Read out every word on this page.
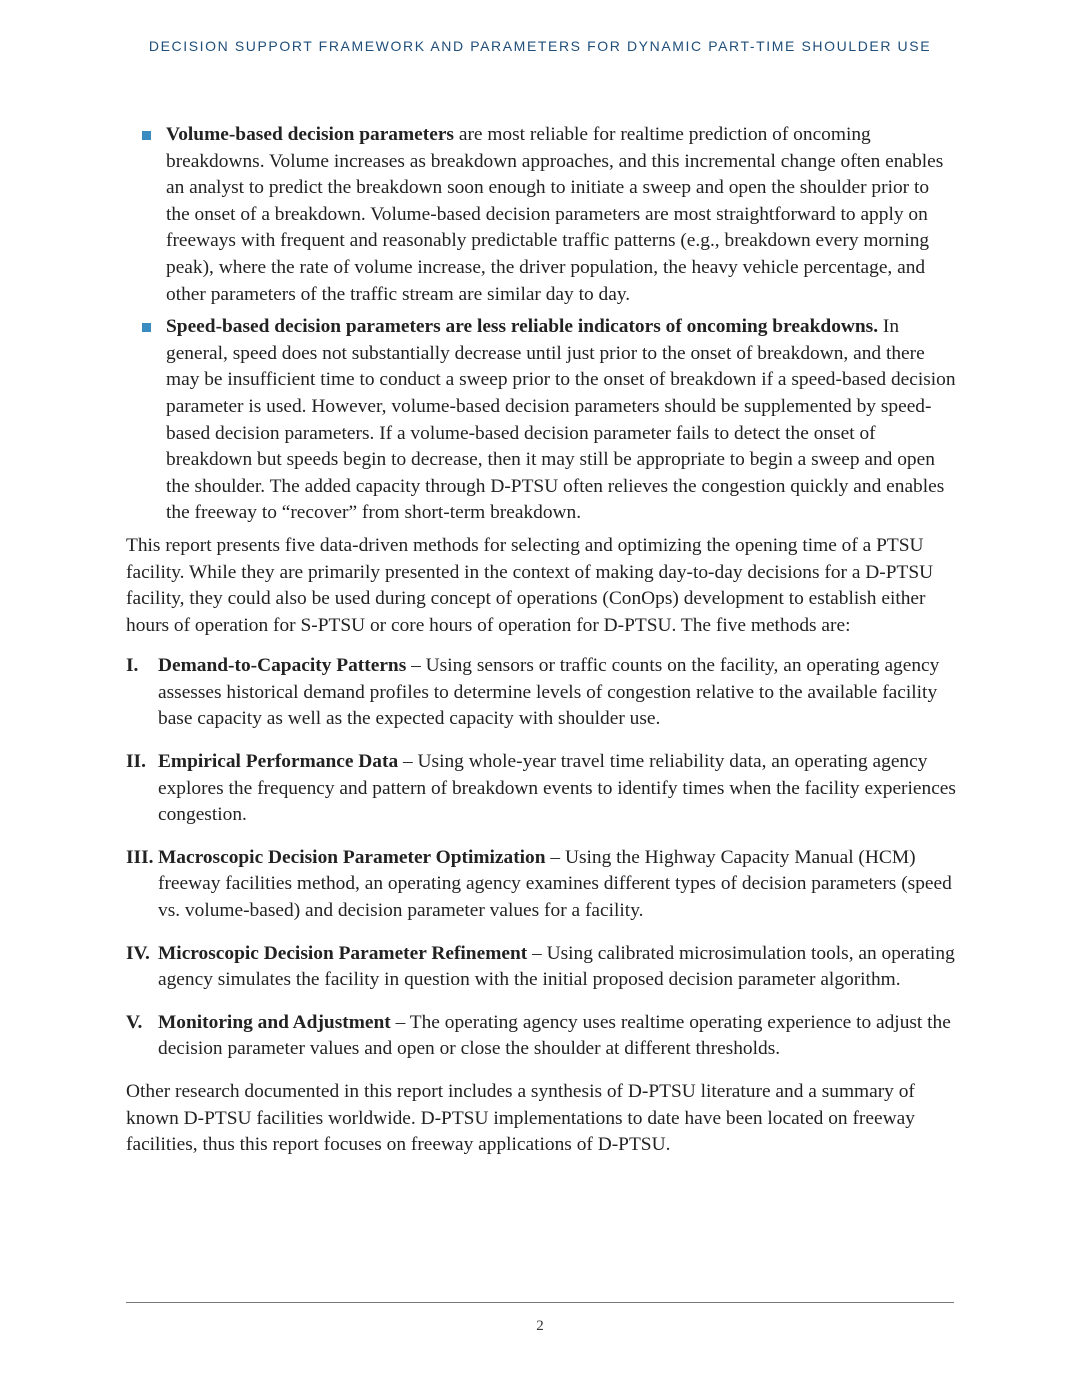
DECISION SUPPORT FRAMEWORK AND PARAMETERS FOR DYNAMIC PART-TIME SHOULDER USE
Volume-based decision parameters are most reliable for realtime prediction of oncoming breakdowns. Volume increases as breakdown approaches, and this incremental change often enables an analyst to predict the breakdown soon enough to initiate a sweep and open the shoulder prior to the onset of a breakdown. Volume-based decision parameters are most straightforward to apply on freeways with frequent and reasonably predictable traffic patterns (e.g., breakdown every morning peak), where the rate of volume increase, the driver population, the heavy vehicle percentage, and other parameters of the traffic stream are similar day to day.
Speed-based decision parameters are less reliable indicators of oncoming breakdowns. In general, speed does not substantially decrease until just prior to the onset of breakdown, and there may be insufficient time to conduct a sweep prior to the onset of breakdown if a speed-based decision parameter is used. However, volume-based decision parameters should be supplemented by speed-based decision parameters. If a volume-based decision parameter fails to detect the onset of breakdown but speeds begin to decrease, then it may still be appropriate to begin a sweep and open the shoulder. The added capacity through D-PTSU often relieves the congestion quickly and enables the freeway to “recover” from short-term breakdown.

This report presents five data-driven methods for selecting and optimizing the opening time of a PTSU facility. While they are primarily presented in the context of making day-to-day decisions for a D-PTSU facility, they could also be used during concept of operations (ConOps) development to establish either hours of operation for S-PTSU or core hours of operation for D-PTSU. The five methods are:

I. Demand-to-Capacity Patterns – Using sensors or traffic counts on the facility, an operating agency assesses historical demand profiles to determine levels of congestion relative to the available facility base capacity as well as the expected capacity with shoulder use.
II. Empirical Performance Data – Using whole-year travel time reliability data, an operating agency explores the frequency and pattern of breakdown events to identify times when the facility experiences congestion.
III. Macroscopic Decision Parameter Optimization – Using the Highway Capacity Manual (HCM) freeway facilities method, an operating agency examines different types of decision parameters (speed vs. volume-based) and decision parameter values for a facility.
IV. Microscopic Decision Parameter Refinement – Using calibrated microsimulation tools, an operating agency simulates the facility in question with the initial proposed decision parameter algorithm.
V. Monitoring and Adjustment – The operating agency uses realtime operating experience to adjust the decision parameter values and open or close the shoulder at different thresholds.

Other research documented in this report includes a synthesis of D-PTSU literature and a summary of known D-PTSU facilities worldwide. D-PTSU implementations to date have been located on freeway facilities, thus this report focuses on freeway applications of D-PTSU.

2
